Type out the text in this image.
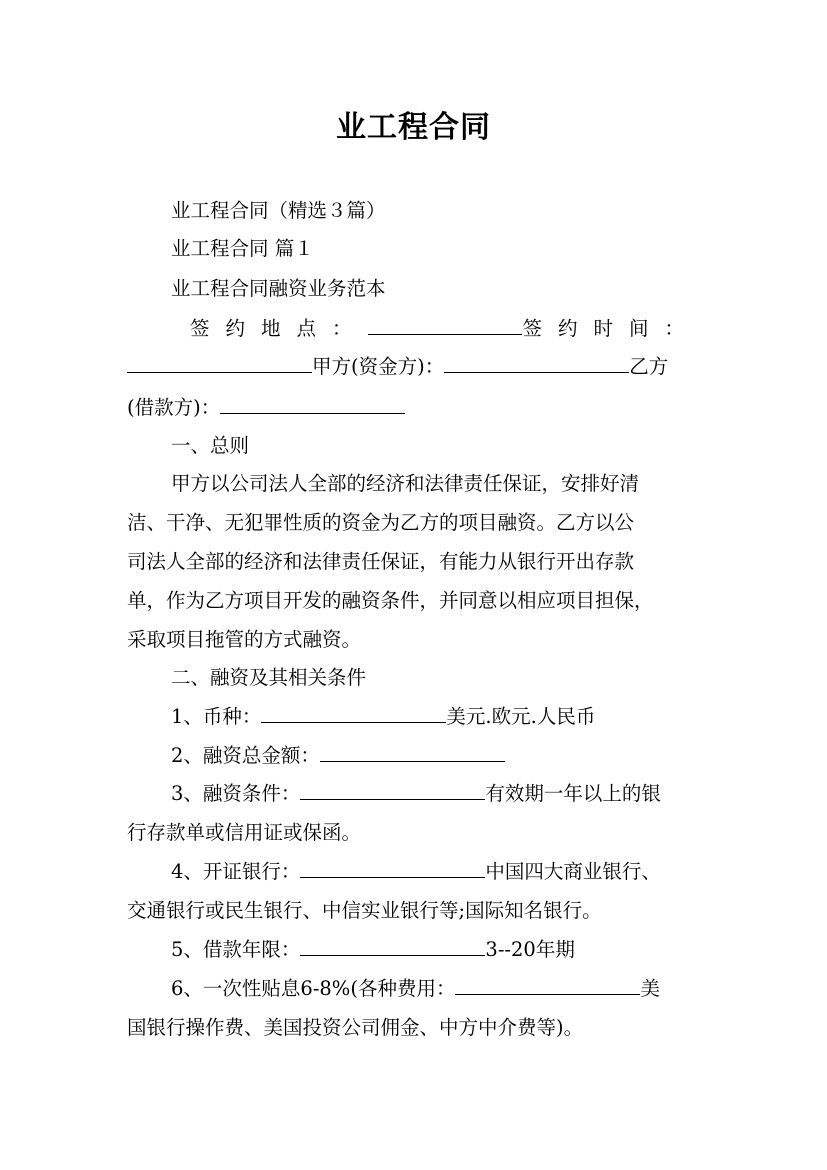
业工程合同
业工程合同（精选３篇）
业工程合同 篇１
业工程合同融资业务范本
签约地点：	签约时间：
甲方(资金方)：	乙方
(借款方)：
一、总则
甲方以公司法人全部的经济和法律责任保证，安排好清
洁、干净、无犯罪性质的资金为乙方的项目融资。乙方以公
司法人全部的经济和法律责任保证，有能力从银行开出存款
单，作为乙方项目开发的融资条件，并同意以相应项目担保，
采取项目拖管的方式融资。
二、融资及其相关条件
1、币种：	美元.欧元.人民币
2、融资总金额：
3、融资条件：	有效期一年以上的银
行存款单或信用证或保函。
4、开证银行：	中国四大商业银行、
交通银行或民生银行、中信实业银行等;国际知名银行。
5、借款年限：	3--20年期
6、一次性贴息6-8%(各种费用：	美
国银行操作费、美国投资公司佣金、中方中介费等)。
